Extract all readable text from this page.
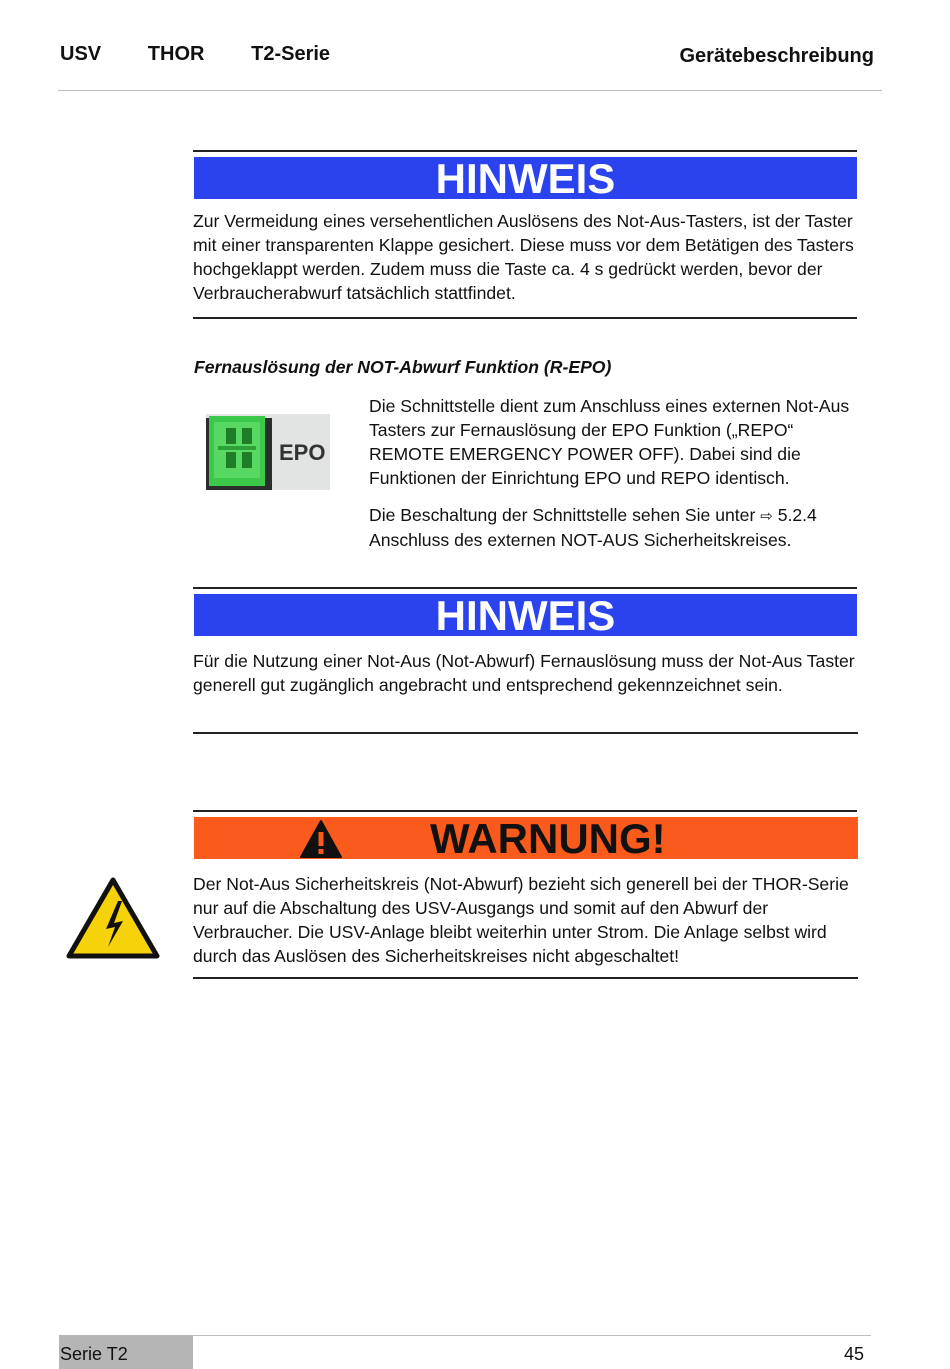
USV   THOR   T2-Serie	Gerätebeschreibung
HINWEIS
Zur Vermeidung eines versehentlichen Auslösens des Not-Aus-Tasters, ist der Taster mit einer transparenten Klappe gesichert. Diese muss vor dem Betätigen des Tasters hochgeklappt werden. Zudem muss die Taste ca. 4 s gedrückt werden, bevor der Verbraucherabwurf tatsächlich stattfindet.
Fernauslösung der NOT-Abwurf Funktion (R-EPO)
EPO
Die Schnittstelle dient zum Anschluss eines externen Not-Aus Tasters zur Fernauslösung der EPO Funktion („REPO“ REMOTE EMERGENCY POWER OFF). Dabei sind die Funktionen der Einrichtung EPO und REPO identisch.
Die Beschaltung der Schnittstelle sehen Sie unter ⇨ 5.2.4 Anschluss des externen NOT-AUS Sicherheitskreises.
HINWEIS
Für die Nutzung einer Not-Aus (Not-Abwurf) Fernauslösung muss der Not-Aus Taster generell gut zugänglich angebracht und entsprechend gekennzeichnet sein.
WARNUNG!
Der Not-Aus Sicherheitskreis (Not-Abwurf) bezieht sich generell bei der THOR-Serie nur auf die Abschaltung des USV-Ausgangs und somit auf den Abwurf der Verbraucher. Die USV-Anlage bleibt weiterhin unter Strom. Die Anlage selbst wird durch das Auslösen des Sicherheitskreises nicht abgeschaltet!
Serie T2	45
